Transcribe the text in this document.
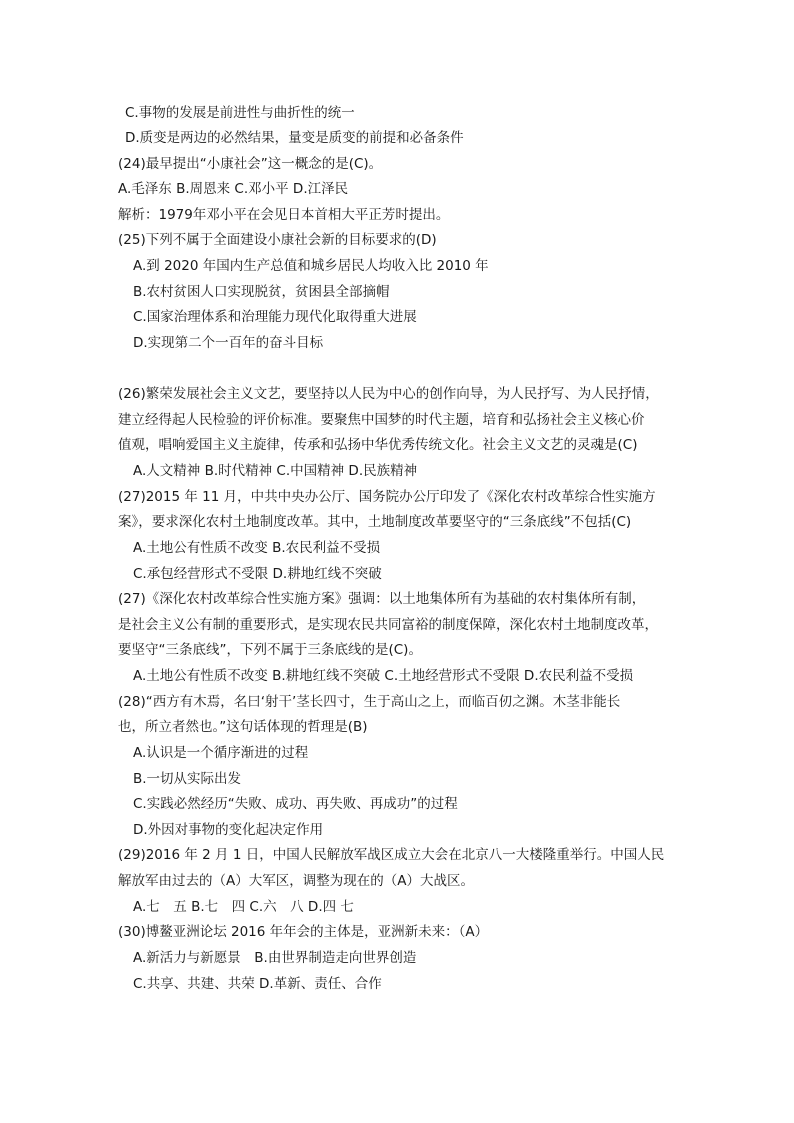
C.事物的发展是前进性与曲折性的统一
D.质变是两边的必然结果，量变是质变的前提和必备条件
(24)最早提出“小康社会”这一概念的是(C)。
A.毛泽东 B.周恩来 C.邓小平 D.江泽民
解析：1979年邓小平在会见日本首相大平正芳时提出。
(25)下列不属于全面建设小康社会新的目标要求的(D)
A.到 2020 年国内生产总值和城乡居民人均收入比 2010 年
B.农村贫困人口实现脱贫，贫困县全部摘帽
C.国家治理体系和治理能力现代化取得重大进展
D.实现第二个一百年的奋斗目标
(26)繁荣发展社会主义文艺，要坚持以人民为中心的创作向导，为人民抒写、为人民抒情，
建立经得起人民检验的评价标准。要聚焦中国梦的时代主题，培育和弘扬社会主义核心价
值观，唱响爱国主义主旋律，传承和弘扬中华优秀传统文化。社会主义文艺的灵魂是(C)
A.人文精神 B.时代精神 C.中国精神 D.民族精神
(27)2015 年 11 月，中共中央办公厅、国务院办公厅印发了《深化农村改革综合性实施方
案》，要求深化农村土地制度改革。其中，土地制度改革要坚守的“三条底线”不包括(C)
A.土地公有性质不改变 B.农民利益不受损
C.承包经营形式不受限 D.耕地红线不突破
(27)《深化农村改革综合性实施方案》强调：以土地集体所有为基础的农村集体所有制，
是社会主义公有制的重要形式，是实现农民共同富裕的制度保障，深化农村土地制度改革，
要坚守“三条底线”，下列不属于三条底线的是(C)。
A.土地公有性质不改变 B.耕地红线不突破 C.土地经营形式不受限 D.农民利益不受损
(28)“西方有木焉，名曰‘射干’茎长四寸，生于高山之上，而临百仞之渊。木茎非能长
也，所立者然也。”这句话体现的哲理是(B)
A.认识是一个循序渐进的过程
B.一切从实际出发
C.实践必然经历“失败、成功、再失败、再成功”的过程
D.外因对事物的变化起决定作用
(29)2016 年 2 月 1 日，中国人民解放军战区成立大会在北京八一大楼隆重举行。中国人民
解放军由过去的（A）大军区，调整为现在的（A）大战区。
A.七　五 B.七　四 C.六　八 D.四 七
(30)博鳌亚洲论坛 2016 年年会的主体是，亚洲新未来：（A）
A.新活力与新愿景　B.由世界制造走向世界创造
C.共享、共建、共荣 D.革新、责任、合作
